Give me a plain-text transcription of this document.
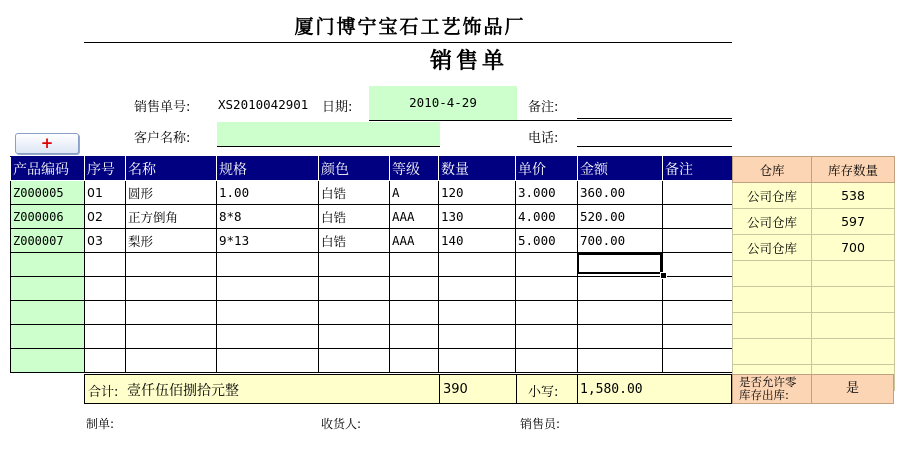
厦门博宁宝石工艺饰品厂
销售单
销售单号: XS2010042901 日期:	2010-4-29	备注:
客户名称:	电话:
+
产品编码	序号	名称	规格	颜色	等级	数量	单价	金额	备注
Z000005	01	圆形	1.00	白锆	A	120	3.000	360.00	
Z000006	02	正方倒角	8*8	白锆	AAA	130	4.000	520.00	
Z000007	03	梨形	9*13	白锆	AAA	140	5.000	700.00	

仓库	库存数量
公司仓库	538
公司仓库	597
公司仓库	700

合计: 壹仟伍佰捌拾元整	390	小写: 1,580.00	是否允许零库存出库:	是
制单:	收货人:	销售员:
